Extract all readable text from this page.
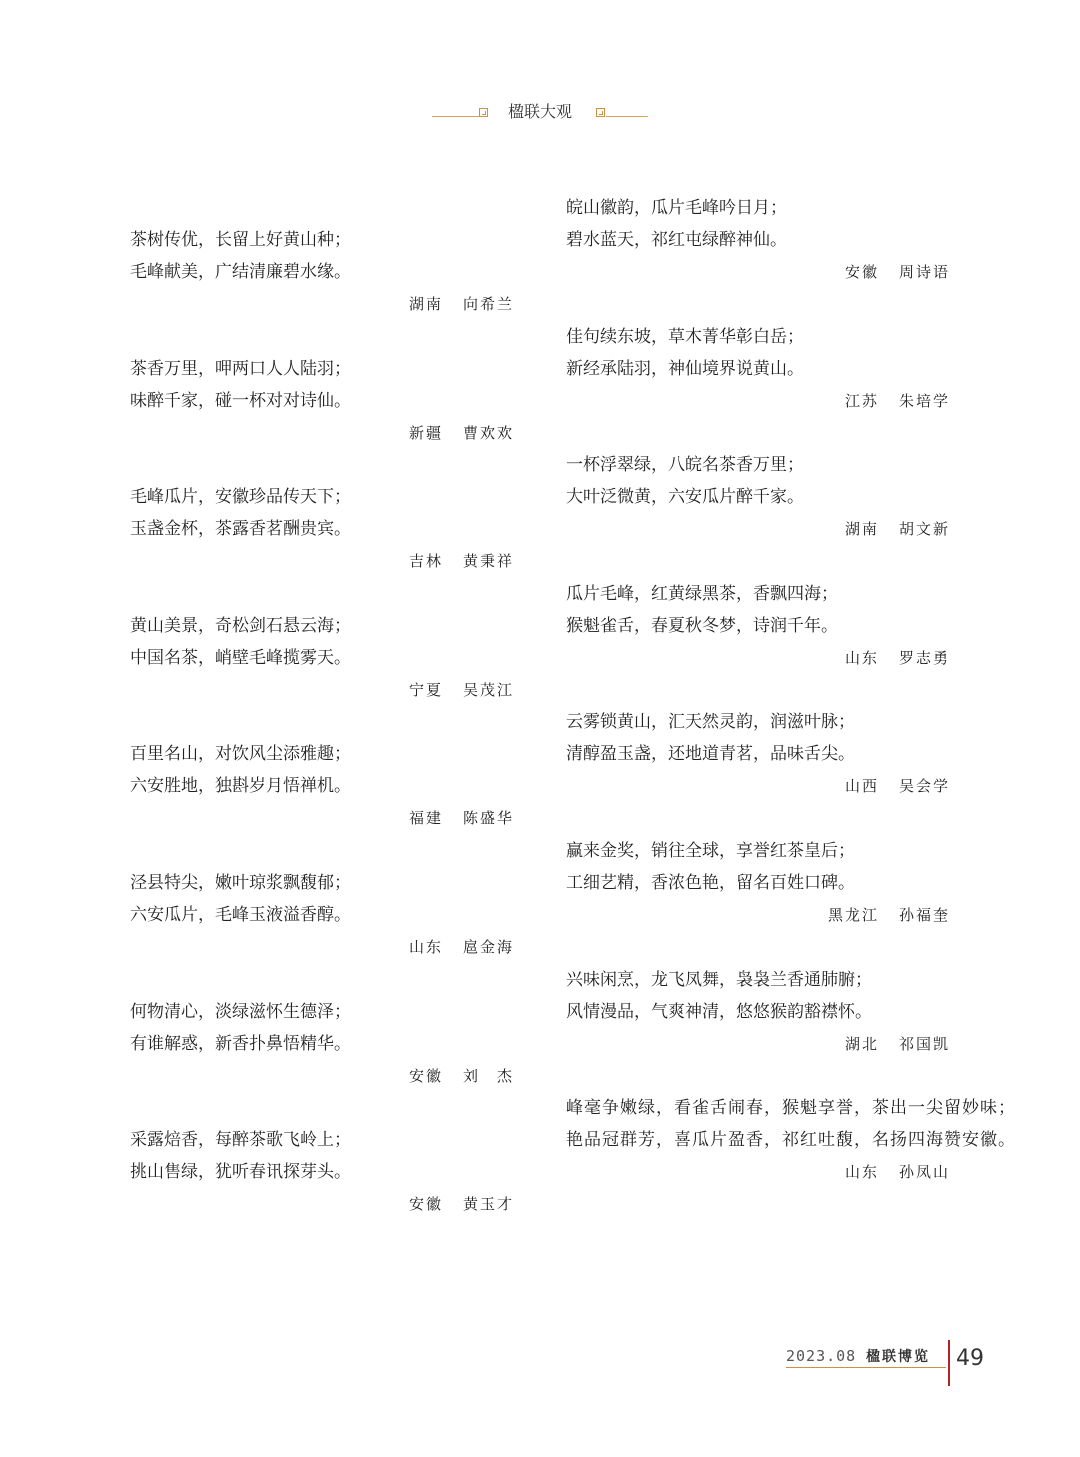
楹联大观
茶树传优，长留上好黄山种；
毛峰献美，广结清廉碧水缘。
湖南 向希兰
茶香万里，呷两口人人陆羽；
味醉千家，碰一杯对对诗仙。
新疆 曹欢欢
毛峰瓜片，安徽珍品传天下；
玉盏金杯，茶露香茗酬贵宾。
吉林 黄秉祥
黄山美景，奇松剑石悬云海；
中国名茶，峭壁毛峰揽雾天。
宁夏 吴茂江
百里名山，对饮风尘添雅趣；
六安胜地，独斟岁月悟禅机。
福建 陈盛华
泾县特尖，嫩叶琼浆飘馥郁；
六安瓜片，毛峰玉液溢香醇。
山东 扈金海
何物清心，淡绿滋怀生德泽；
有谁解惑，新香扑鼻悟精华。
安徽 刘　杰
采露焙香，每醉茶歌飞岭上；
挑山售绿，犹听春讯探芽头。
安徽 黄玉才
皖山徽韵，瓜片毛峰吟日月；
碧水蓝天，祁红屯绿醉神仙。
安徽 周诗语
佳句续东坡，草木菁华彰白岳；
新经承陆羽，神仙境界说黄山。
江苏 朱培学
一杯浮翠绿，八皖名茶香万里；
大叶泛微黄，六安瓜片醉千家。
湖南 胡文新
瓜片毛峰，红黄绿黑茶，香飘四海；
猴魁雀舌，春夏秋冬梦，诗润千年。
山东 罗志勇
云雾锁黄山，汇天然灵韵，润滋叶脉；
清醇盈玉盏，还地道青茗，品味舌尖。
山西 吴会学
赢来金奖，销往全球，享誉红茶皇后；
工细艺精，香浓色艳，留名百姓口碑。
黑龙江 孙福奎
兴味闲烹，龙飞凤舞，袅袅兰香通肺腑；
风情漫品，气爽神清，悠悠猴韵豁襟怀。
湖北 祁国凯
峰毫争嫩绿，看雀舌闹春，猴魁享誉，茶出一尖留妙味；
艳品冠群芳，喜瓜片盈香，祁红吐馥，名扬四海赞安徽。
山东 孙凤山
2023.08 楹联博览 49
